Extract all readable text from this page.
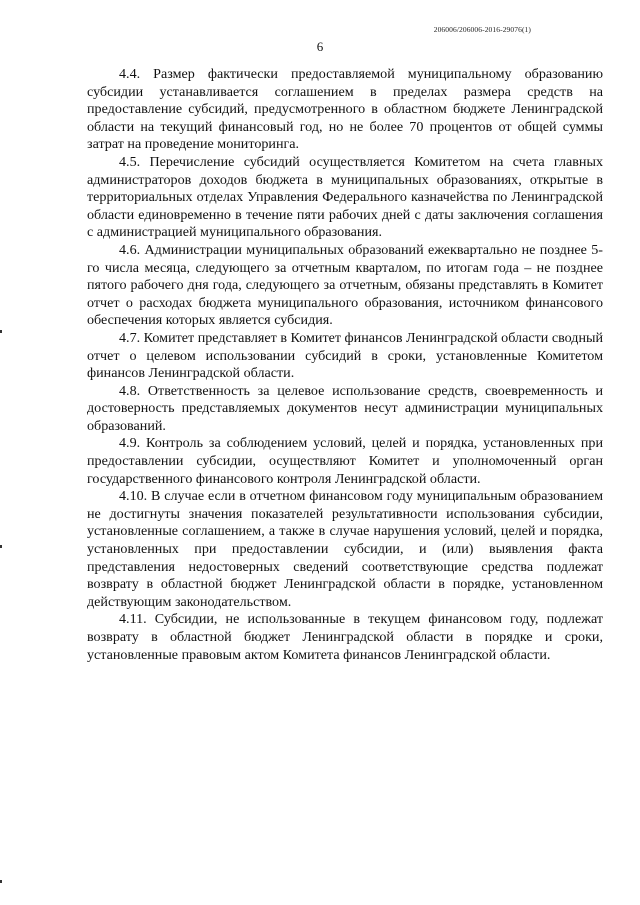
206006/206006-2016-29076(1)
6

4.4. Размер фактически предоставляемой муниципальному образованию субсидии устанавливается соглашением в пределах размера средств на предоставление субсидий, предусмотренного в областном бюджете Ленинградской области на текущий финансовый год, но не более 70 процентов от общей суммы затрат на проведение мониторинга.

4.5. Перечисление субсидий осуществляется Комитетом на счета главных администраторов доходов бюджета в муниципальных образованиях, открытые в территориальных отделах Управления Федерального казначейства по Ленинградской области единовременно в течение пяти рабочих дней с даты заключения соглашения с администрацией муниципального образования.

4.6. Администрации муниципальных образований ежеквартально не позднее 5-го числа месяца, следующего за отчетным кварталом, по итогам года – не позднее пятого рабочего дня года, следующего за отчетным, обязаны представлять в Комитет отчет о расходах бюджета муниципального образования, источником финансового обеспечения которых является субсидия.

4.7. Комитет представляет в Комитет финансов Ленинградской области сводный отчет о целевом использовании субсидий в сроки, установленные Комитетом финансов Ленинградской области.

4.8. Ответственность за целевое использование средств, своевременность и достоверность представляемых документов несут администрации муниципальных образований.

4.9. Контроль за соблюдением условий, целей и порядка, установленных при предоставлении субсидии, осуществляют Комитет и уполномоченный орган государственного финансового контроля Ленинградской области.

4.10. В случае если в отчетном финансовом году муниципальным образованием не достигнуты значения показателей результативности использования субсидии, установленные соглашением, а также в случае нарушения условий, целей и порядка, установленных при предоставлении субсидии, и (или) выявления факта представления недостоверных сведений соответствующие средства подлежат возврату в областной бюджет Ленинградской области в порядке, установленном действующим законодательством.

4.11. Субсидии, не использованные в текущем финансовом году, подлежат возврату в областной бюджет Ленинградской области в порядке и сроки, установленные правовым актом Комитета финансов Ленинградской области.
